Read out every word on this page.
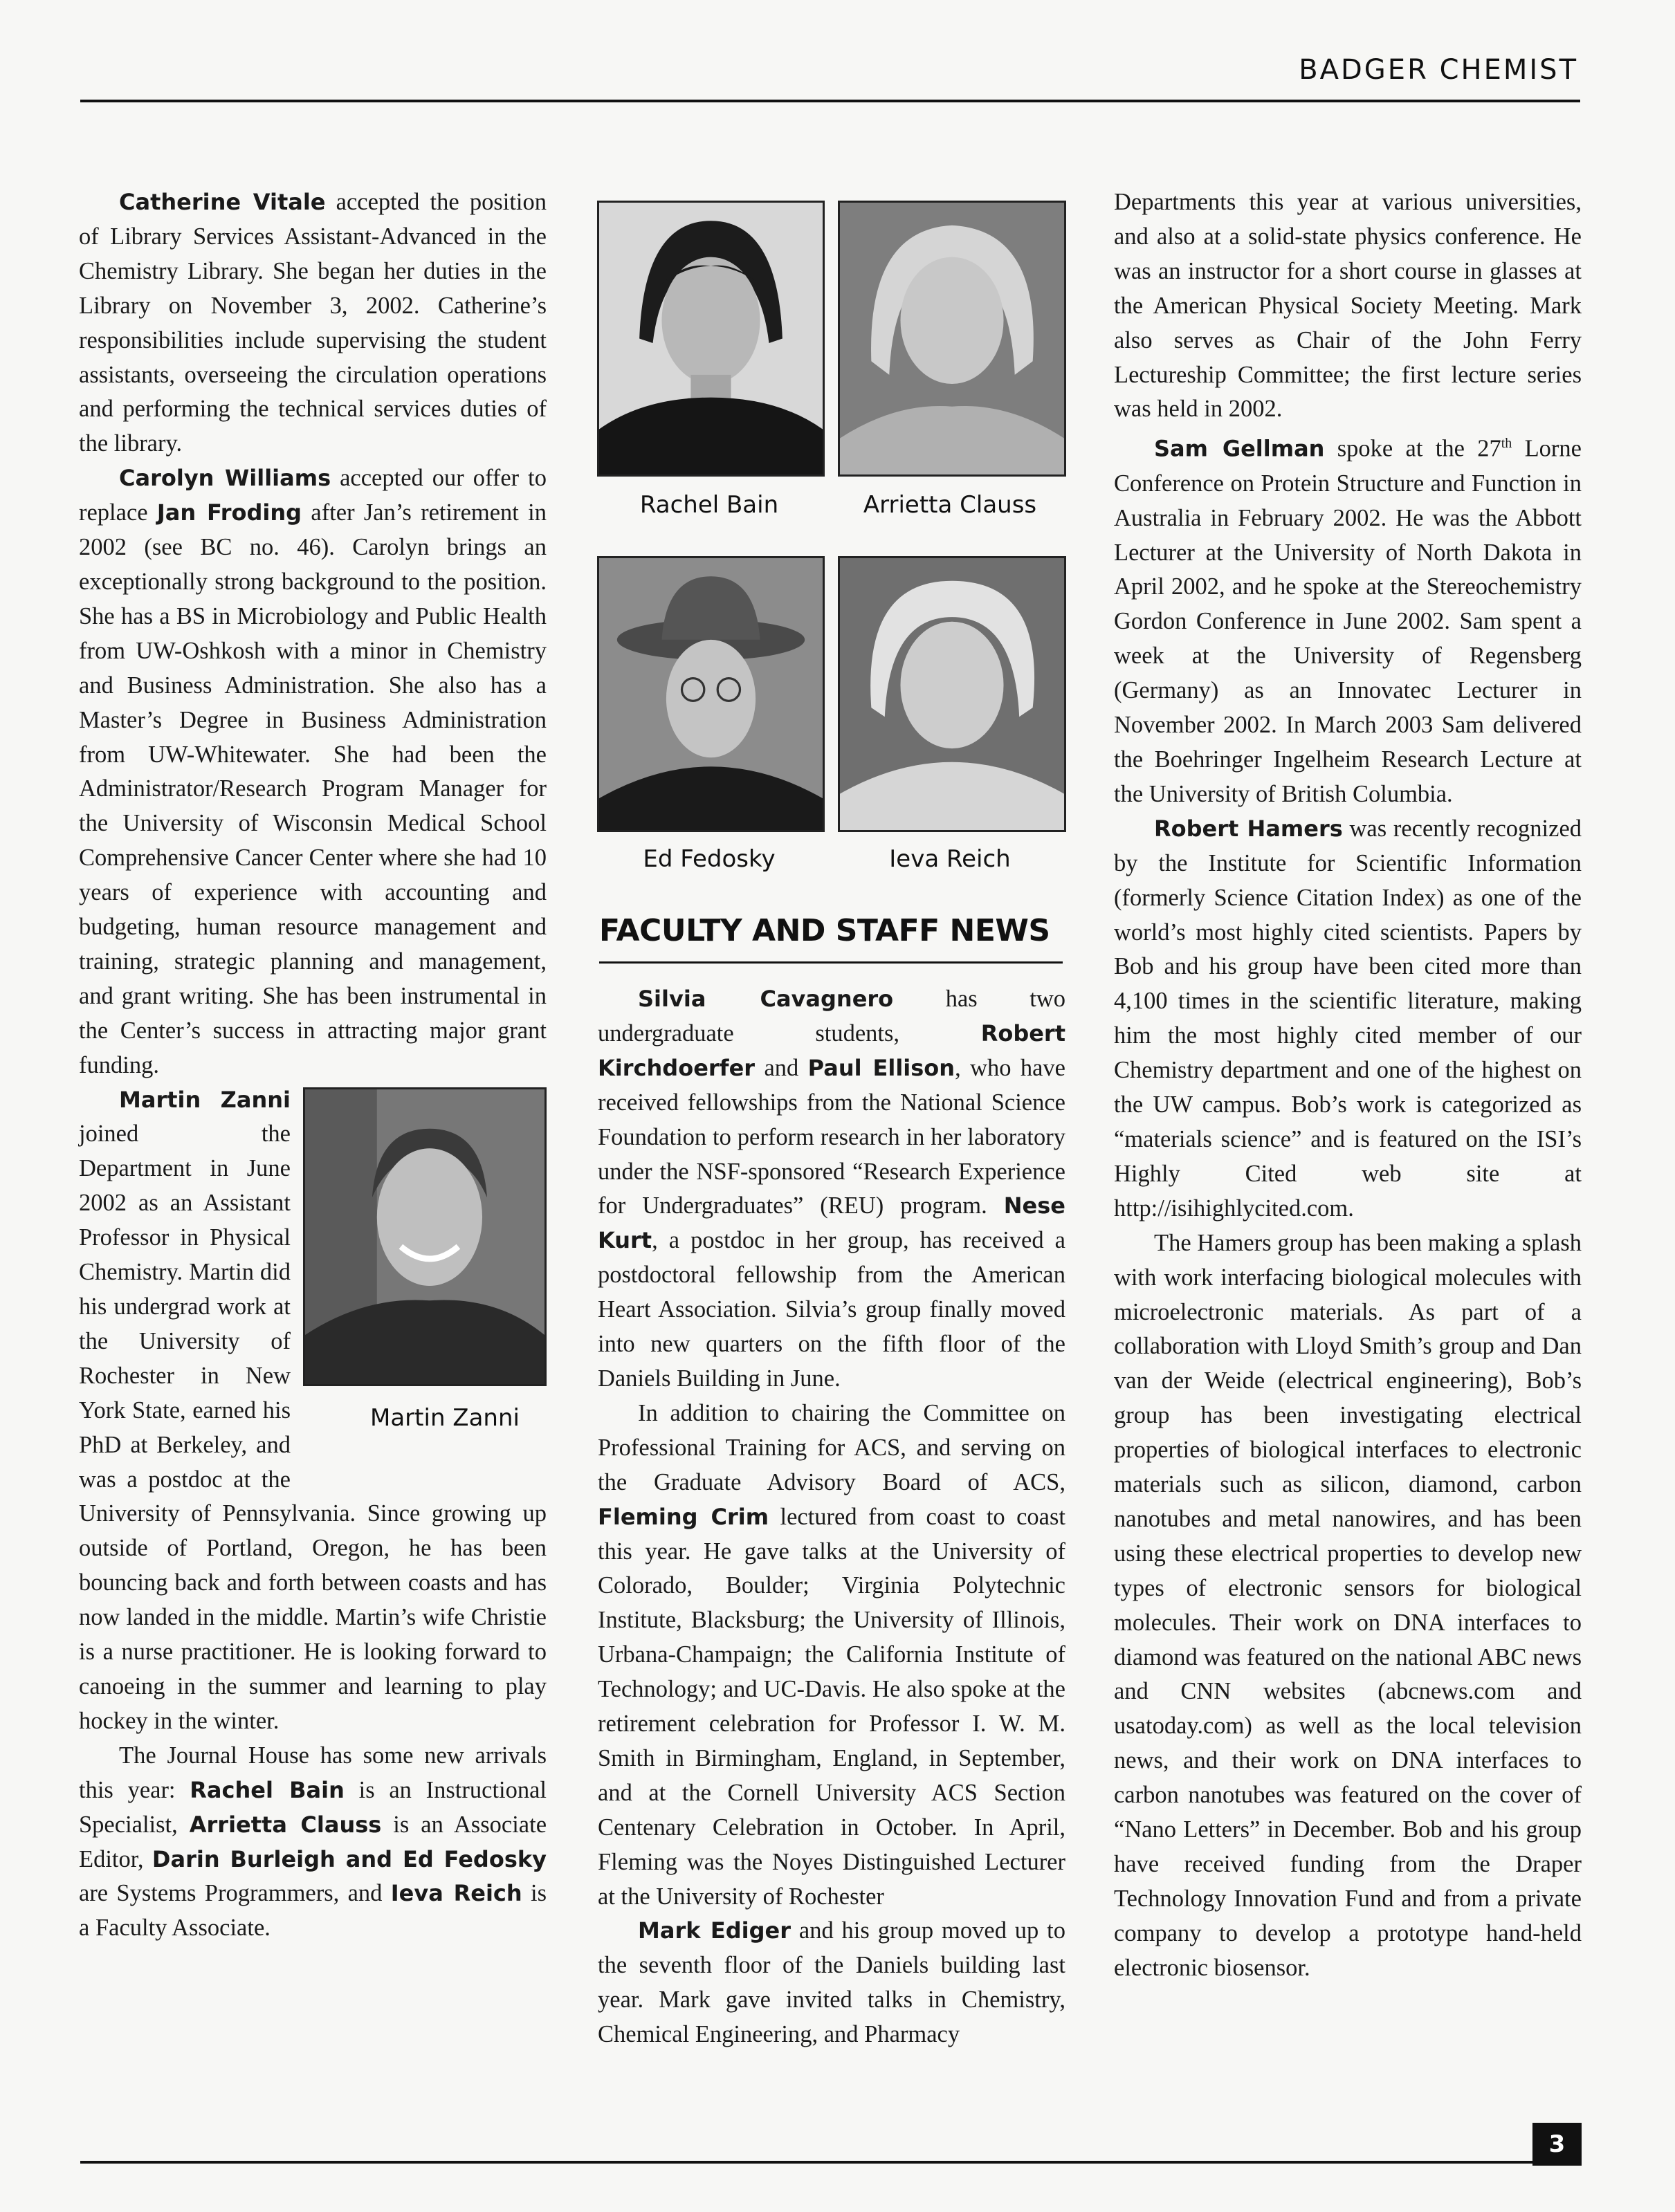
BADGER CHEMIST
Rachel Bain	Arrietta Clauss
Ed Fedosky	Ieva Reich
FACULTY AND STAFF NEWS

Catherine Vitale accepted the position of Library Services Assistant-Advanced in the Chemistry Library. She began her duties in the Library on November 3, 2002. Catherine’s responsibilities include supervising the student assistants, overseeing the circulation operations and performing the technical services duties of the library.

Carolyn Williams accepted our offer to replace Jan Froding after Jan’s retirement in 2002 (see BC no. 46). Carolyn brings an exceptionally strong background to the position. She has a BS in Microbiology and Public Health from UW-Oshkosh with a minor in Chemistry and Business Administration. She also has a Master’s Degree in Business Administration from UW-Whitewater. She had been the Administrator/Research Program Manager for the University of Wisconsin Medical School Comprehensive Cancer Center where she had 10 years of experience with accounting and budgeting, human resource management and training, strategic planning and management, and grant writing. She has been instrumental in the Center’s success in attracting major grant funding.

Martin Zanni
Martin Zanni joined the Department in June 2002 as an Assistant Professor in Physical Chemistry. Martin did his undergrad work at the University of Rochester in New York State, earned his PhD at Berkeley, and was a postdoc at the University of Pennsylvania. Since growing up outside of Portland, Oregon, he has been bouncing back and forth between coasts and has now landed in the middle. Martin’s wife Christie is a nurse practitioner. He is looking forward to canoeing in the summer and learning to play hockey in the winter.

The Journal House has some new arrivals this year: Rachel Bain is an Instructional Specialist, Arrietta Clauss is an Associate Editor, Darin Burleigh and Ed Fedosky are Systems Programmers, and Ieva Reich is a Faculty Associate.

Silvia Cavagnero has two undergraduate students, Robert Kirchdoerfer and Paul Ellison, who have received fellowships from the National Science Foundation to perform research in her laboratory under the NSF-sponsored “Research Experience for Undergraduates” (REU) program. Nese Kurt, a postdoc in her group, has received a postdoctoral fellowship from the American Heart Association. Silvia’s group finally moved into new quarters on the fifth floor of the Daniels Building in June.

In addition to chairing the Committee on Professional Training for ACS, and serving on the Graduate Advisory Board of ACS, Fleming Crim lectured from coast to coast this year. He gave talks at the University of Colorado, Boulder; Virginia Polytechnic Institute, Blacksburg; the University of Illinois, Urbana-Champaign; the California Institute of Technology; and UC-Davis. He also spoke at the retirement celebration for Professor I. W. M. Smith in Birmingham, England, in September, and at the Cornell University ACS Section Centenary Celebration in October. In April, Fleming was the Noyes Distinguished Lecturer at the University of Rochester

Mark Ediger and his group moved up to the seventh floor of the Daniels building last year. Mark gave invited talks in Chemistry, Chemical Engineering, and Pharmacy

Departments this year at various universities, and also at a solid-state physics conference. He was an instructor for a short course in glasses at the American Physical Society Meeting. Mark also serves as Chair of the John Ferry Lectureship Committee; the first lecture series was held in 2002.

Sam Gellman spoke at the 27th Lorne Conference on Protein Structure and Function in Australia in February 2002. He was the Abbott Lecturer at the University of North Dakota in April 2002, and he spoke at the Stereochemistry Gordon Conference in June 2002. Sam spent a week at the University of Regensberg (Germany) as an Innovatec Lecturer in November 2002. In March 2003 Sam delivered the Boehringer Ingelheim Research Lecture at the University of British Columbia.

Robert Hamers was recently recognized by the Institute for Scientific Information (formerly Science Citation Index) as one of the world’s most highly cited scientists. Papers by Bob and his group have been cited more than 4,100 times in the scientific literature, making him the most highly cited member of our Chemistry department and one of the highest on the UW campus. Bob’s work is categorized as “materials science” and is featured on the ISI’s Highly Cited web site at http://isihighlycited.com.

The Hamers group has been making a splash with work interfacing biological molecules with microelectronic materials. As part of a collaboration with Lloyd Smith’s group and Dan van der Weide (electrical engineering), Bob’s group has been investigating electrical properties of biological interfaces to electronic materials such as silicon, diamond, carbon nanotubes and metal nanowires, and has been using these electrical properties to develop new types of electronic sensors for biological molecules. Their work on DNA interfaces to diamond was featured on the national ABC news and CNN websites (abcnews.com and usatoday.com) as well as the local television news, and their work on DNA interfaces to carbon nanotubes was featured on the cover of “Nano Letters” in December. Bob and his group have received funding from the Draper Technology Innovation Fund and from a private company to develop a prototype hand-held electronic biosensor.

3
